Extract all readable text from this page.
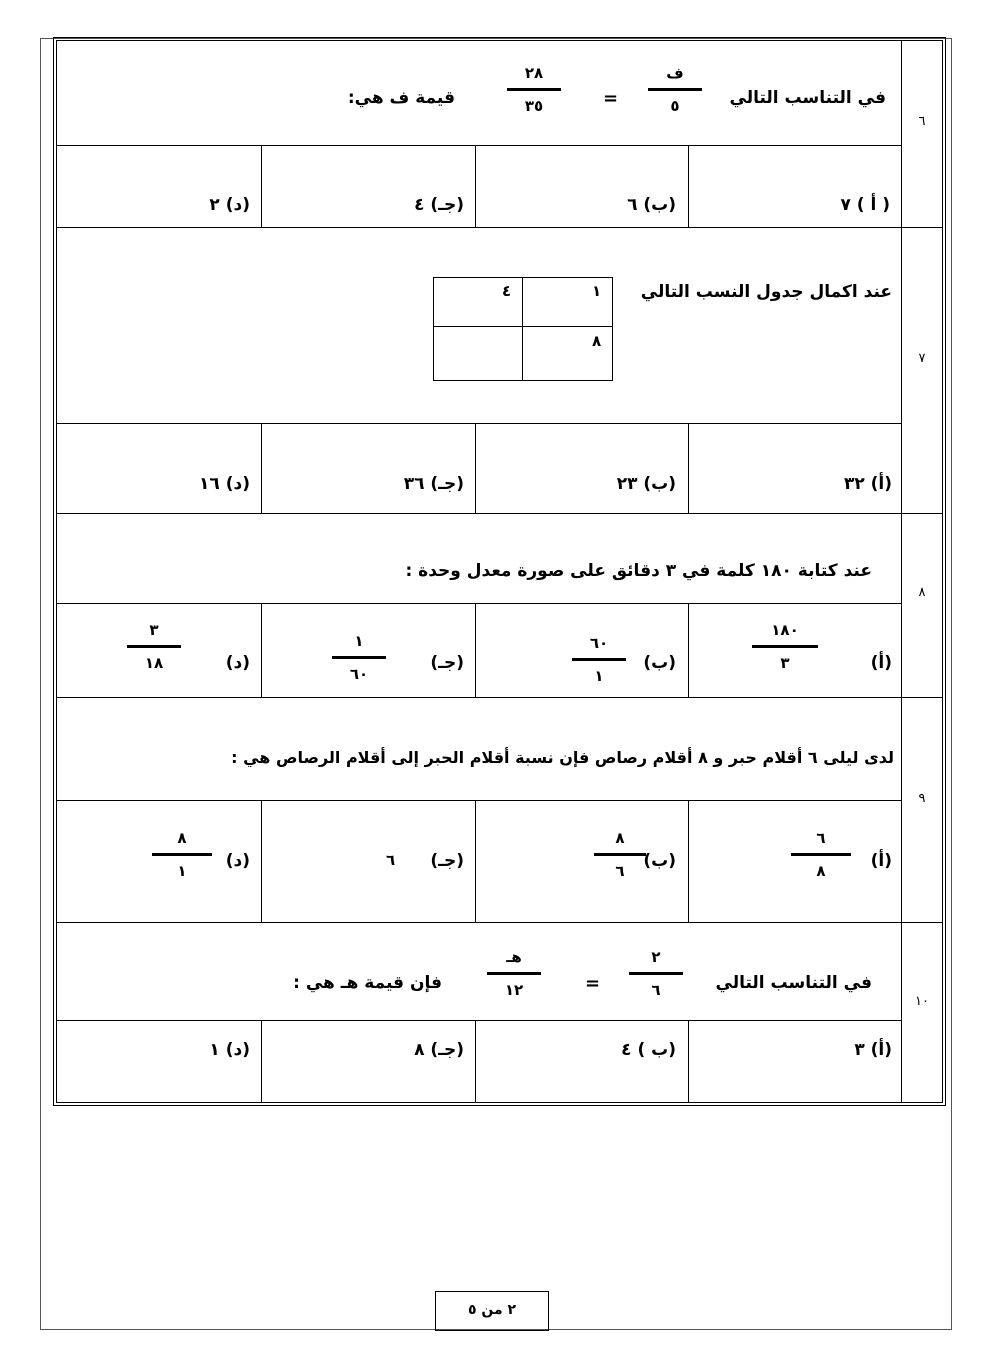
٦
في التناسب التالي
ف
٥
=
٢٨
٣٥
قيمة ف هي:
( أ ) ٧
(ب) ٦
(جـ) ٤
(د) ٢
٧
عند اكمال جدول النسب التالي
١
٤
٨
(أ) ٣٢
(ب) ٢٣
(جـ) ٣٦
(د) ١٦
٨
عند كتابة ١٨٠ كلمة في ٣ دقائق على صورة معدل وحدة :
(أ)
١٨٠
٣
(ب)
٦٠
١
(جـ)
١
٦٠
(د)
٣
١٨
٩
لدى ليلى ٦ أقلام حبر و ٨ أقلام رصاص فإن نسبة أقلام الحبر إلى أقلام الرصاص هي :
(أ)
٦
٨
(ب)
٨
٦
(جـ)
٦
(د)
٨
١
١٠
في التناسب التالي
٢
٦
=
هـ
١٢
فإن قيمة هـ هي :
(أ) ٣
(ب ) ٤
(جـ) ٨
(د) ١
٢ من ٥
